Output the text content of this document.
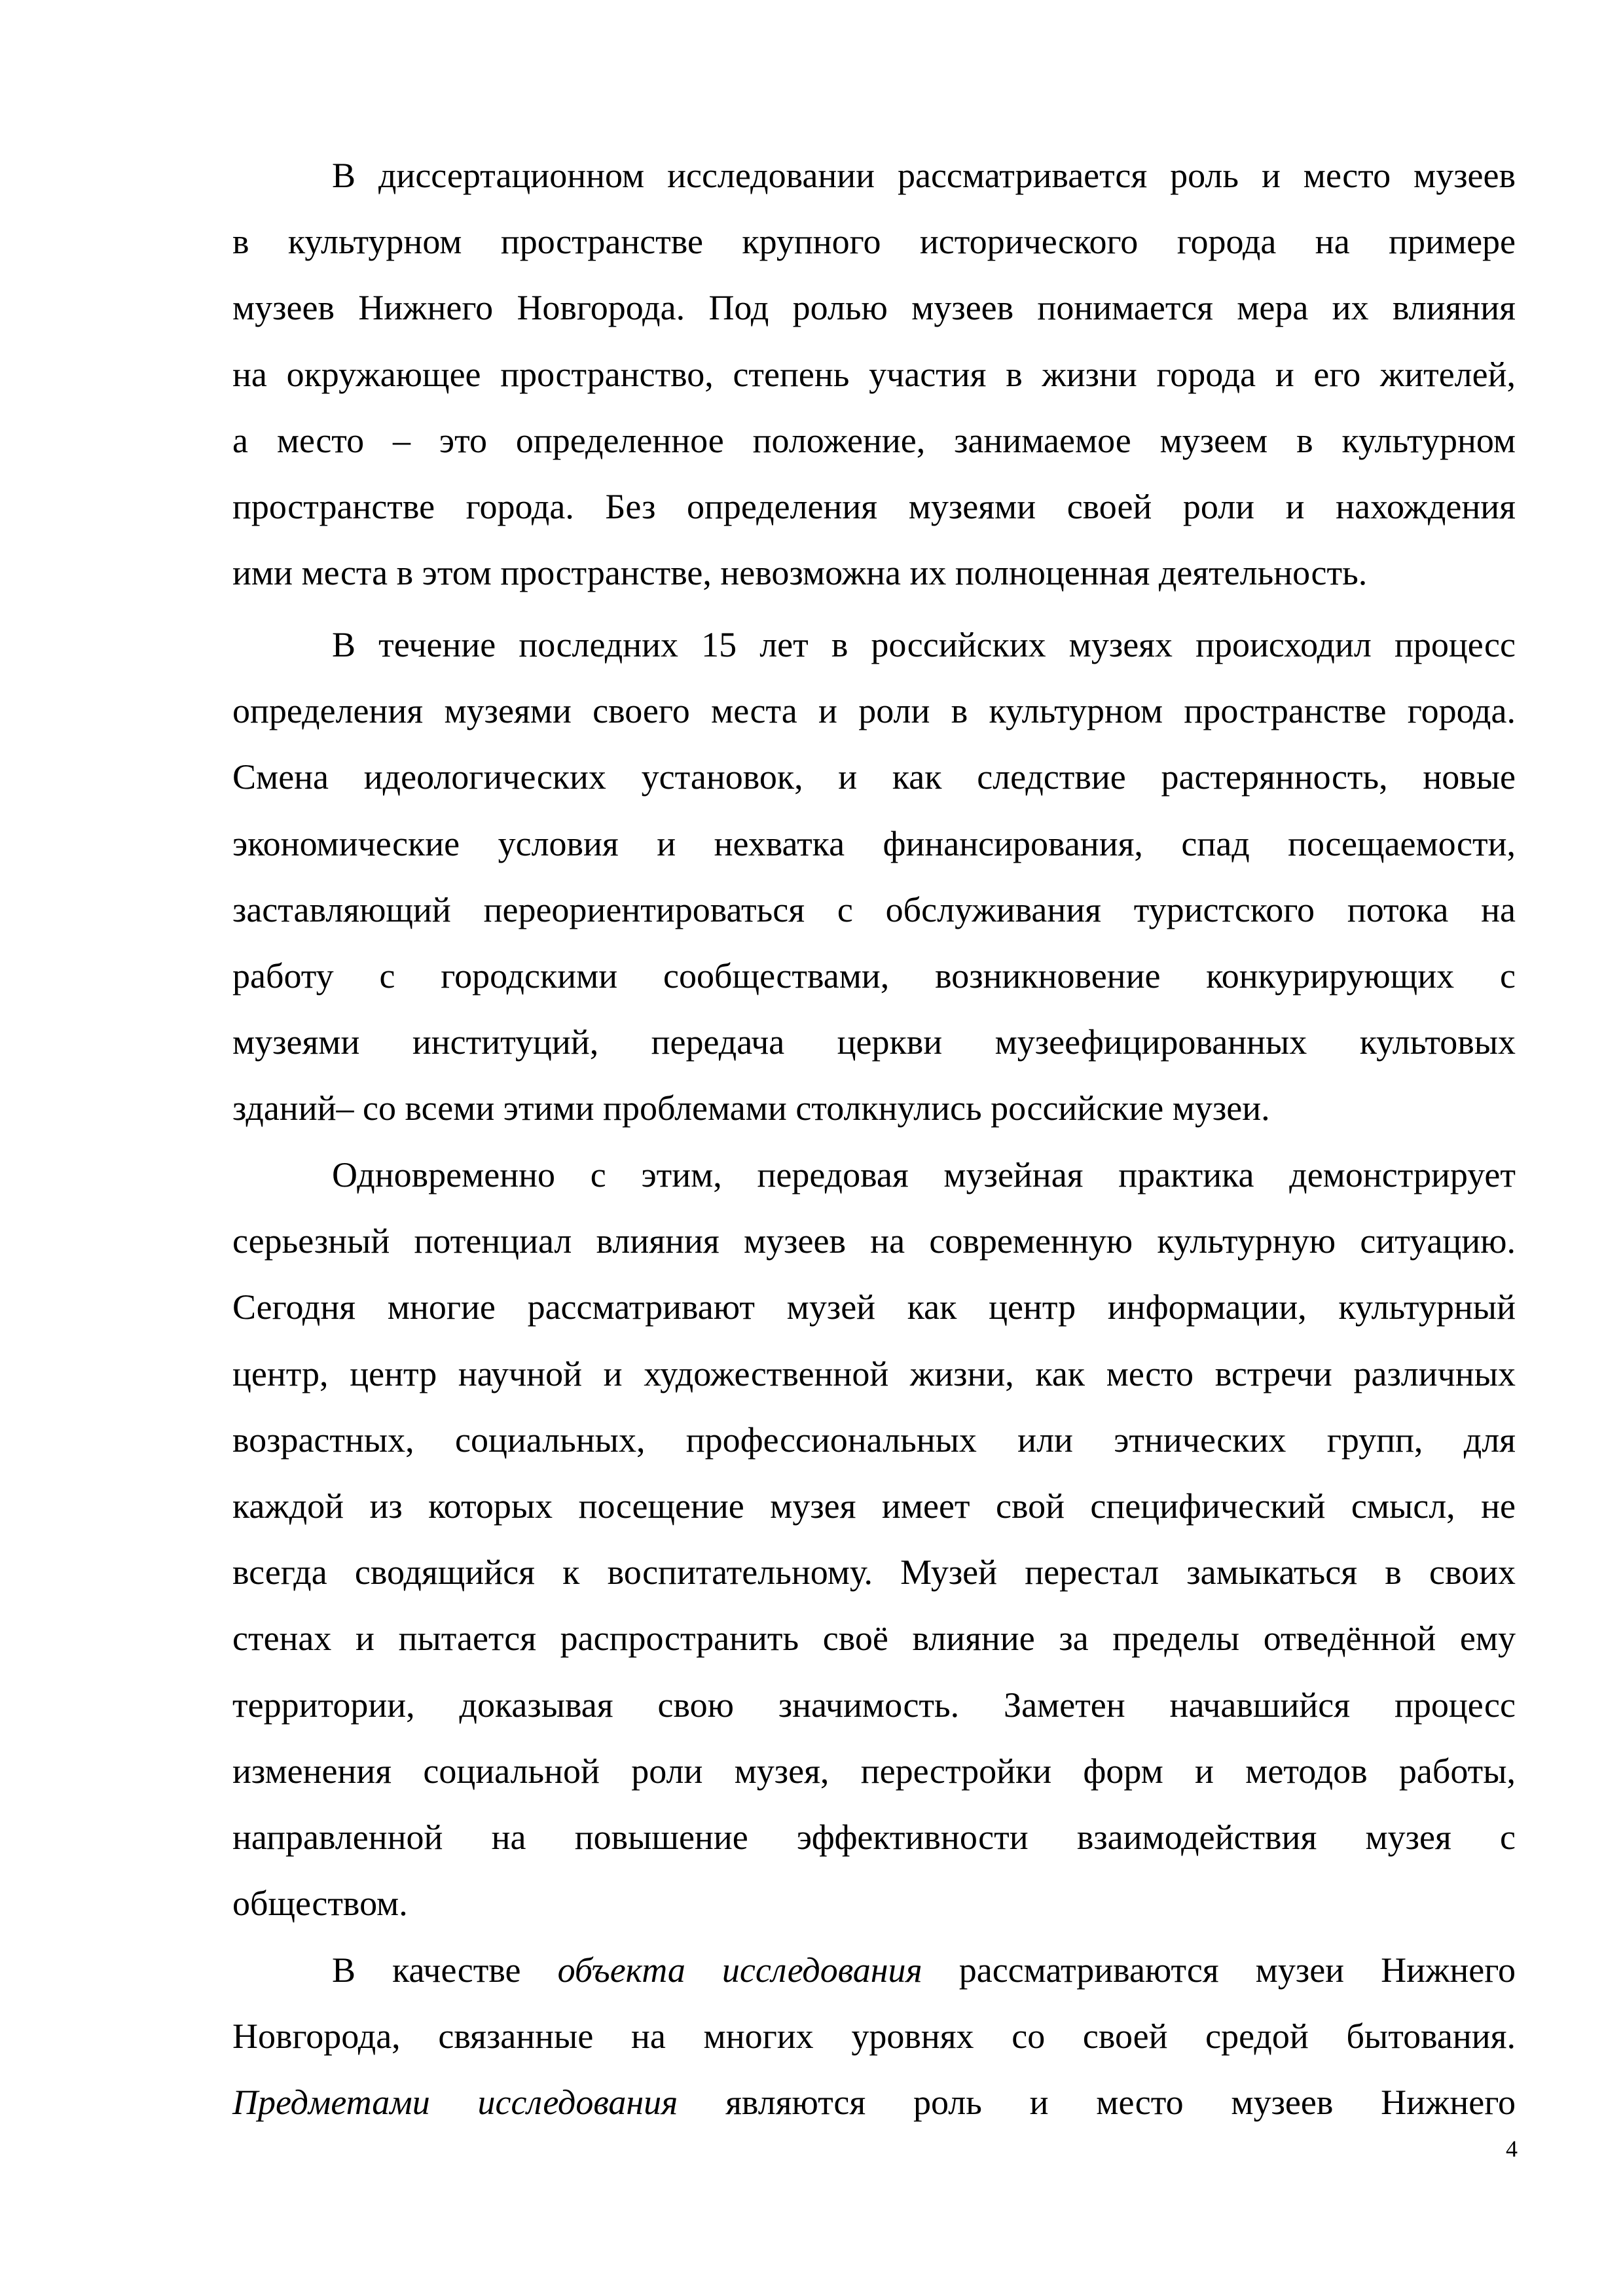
В диссертационном исследовании рассматривается роль и место музеев
в культурном пространстве крупного исторического города на примере
музеев Нижнего Новгорода. Под ролью музеев понимается мера их влияния
на окружающее пространство, степень участия в жизни города и его жителей,
а место – это определенное положение, занимаемое музеем в культурном
пространстве города. Без определения музеями своей роли и нахождения
ими места в этом пространстве, невозможна их полноценная деятельность.
В течение последних 15 лет в российских музеях происходил процесс
определения музеями своего места и роли в культурном пространстве города.
Смена идеологических установок, и как следствие растерянность, новые
экономические условия и нехватка финансирования, спад посещаемости,
заставляющий переориентироваться с обслуживания туристского потока на
работу с городскими сообществами, возникновение конкурирующих с
музеями институций, передача церкви музеефицированных культовых
зданий– со всеми этими проблемами столкнулись российские музеи.
Одновременно с этим, передовая музейная практика демонстрирует
серьезный потенциал влияния музеев на современную культурную ситуацию.
Сегодня многие рассматривают музей как центр информации, культурный
центр, центр научной и художественной жизни, как место встречи различных
возрастных, социальных, профессиональных или этнических групп, для
каждой из которых посещение музея имеет свой специфический смысл, не
всегда сводящийся к воспитательному. Музей перестал замыкаться в своих
стенах и пытается распространить своё влияние за пределы отведённой ему
территории, доказывая свою значимость. Заметен начавшийся процесс
изменения социальной роли музея, перестройки форм и методов работы,
направленной на повышение эффективности взаимодействия музея с
обществом.
В качестве объекта исследования рассматриваются музеи Нижнего
Новгорода, связанные на многих уровнях со своей средой бытования.
Предметами исследования являются роль и место музеев Нижнего
4
